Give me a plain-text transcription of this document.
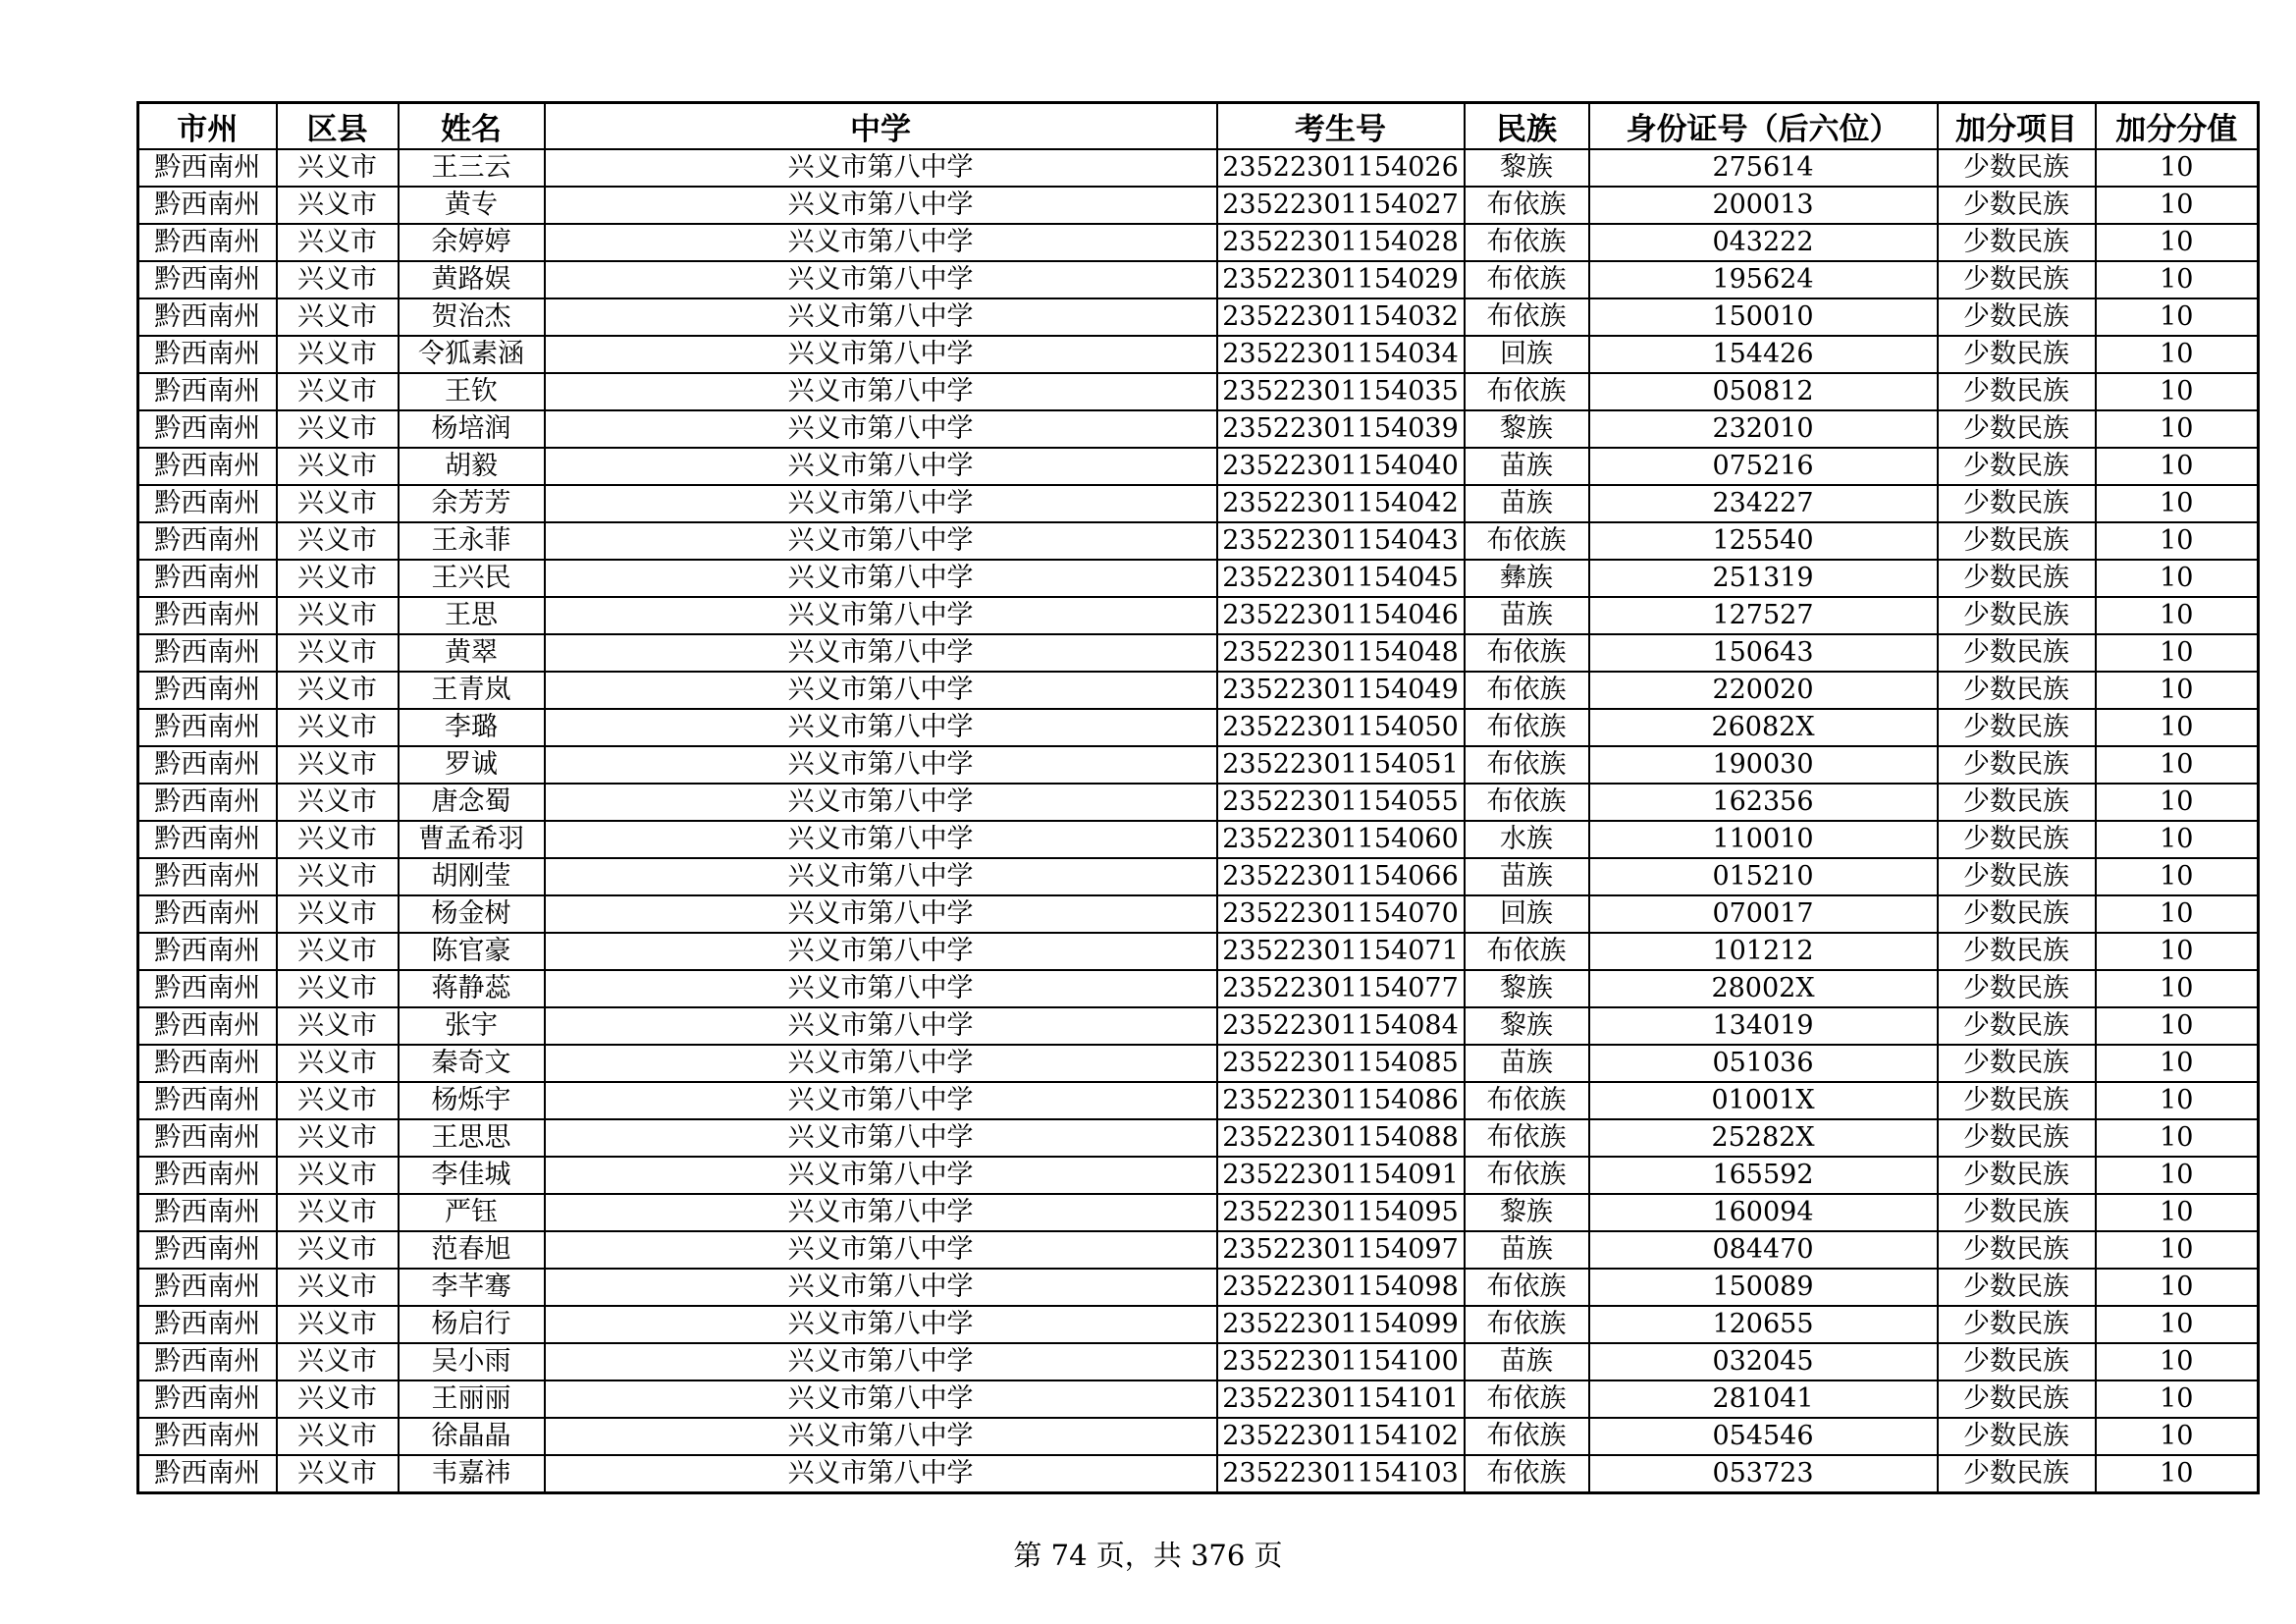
市州	区县	姓名	中学	考生号	民族	身份证号（后六位）	加分项目	加分分值
黔西南州	兴义市	王三云	兴义市第八中学	23522301154026	黎族	275614	少数民族	10
黔西南州	兴义市	黄专	兴义市第八中学	23522301154027	布依族	200013	少数民族	10
黔西南州	兴义市	余婷婷	兴义市第八中学	23522301154028	布依族	043222	少数民族	10
黔西南州	兴义市	黄路娱	兴义市第八中学	23522301154029	布依族	195624	少数民族	10
黔西南州	兴义市	贺治杰	兴义市第八中学	23522301154032	布依族	150010	少数民族	10
黔西南州	兴义市	令狐素涵	兴义市第八中学	23522301154034	回族	154426	少数民族	10
黔西南州	兴义市	王钦	兴义市第八中学	23522301154035	布依族	050812	少数民族	10
黔西南州	兴义市	杨培润	兴义市第八中学	23522301154039	黎族	232010	少数民族	10
黔西南州	兴义市	胡毅	兴义市第八中学	23522301154040	苗族	075216	少数民族	10
黔西南州	兴义市	余芳芳	兴义市第八中学	23522301154042	苗族	234227	少数民族	10
黔西南州	兴义市	王永菲	兴义市第八中学	23522301154043	布依族	125540	少数民族	10
黔西南州	兴义市	王兴民	兴义市第八中学	23522301154045	彝族	251319	少数民族	10
黔西南州	兴义市	王思	兴义市第八中学	23522301154046	苗族	127527	少数民族	10
黔西南州	兴义市	黄翠	兴义市第八中学	23522301154048	布依族	150643	少数民族	10
黔西南州	兴义市	王青岚	兴义市第八中学	23522301154049	布依族	220020	少数民族	10
黔西南州	兴义市	李璐	兴义市第八中学	23522301154050	布依族	26082X	少数民族	10
黔西南州	兴义市	罗诚	兴义市第八中学	23522301154051	布依族	190030	少数民族	10
黔西南州	兴义市	唐念蜀	兴义市第八中学	23522301154055	布依族	162356	少数民族	10
黔西南州	兴义市	曹孟希羽	兴义市第八中学	23522301154060	水族	110010	少数民族	10
黔西南州	兴义市	胡刚莹	兴义市第八中学	23522301154066	苗族	015210	少数民族	10
黔西南州	兴义市	杨金树	兴义市第八中学	23522301154070	回族	070017	少数民族	10
黔西南州	兴义市	陈官豪	兴义市第八中学	23522301154071	布依族	101212	少数民族	10
黔西南州	兴义市	蒋静蕊	兴义市第八中学	23522301154077	黎族	28002X	少数民族	10
黔西南州	兴义市	张宇	兴义市第八中学	23522301154084	黎族	134019	少数民族	10
黔西南州	兴义市	秦奇文	兴义市第八中学	23522301154085	苗族	051036	少数民族	10
黔西南州	兴义市	杨烁宇	兴义市第八中学	23522301154086	布依族	01001X	少数民族	10
黔西南州	兴义市	王思思	兴义市第八中学	23522301154088	布依族	25282X	少数民族	10
黔西南州	兴义市	李佳城	兴义市第八中学	23522301154091	布依族	165592	少数民族	10
黔西南州	兴义市	严钰	兴义市第八中学	23522301154095	黎族	160094	少数民族	10
黔西南州	兴义市	范春旭	兴义市第八中学	23522301154097	苗族	084470	少数民族	10
黔西南州	兴义市	李芊骞	兴义市第八中学	23522301154098	布依族	150089	少数民族	10
黔西南州	兴义市	杨启行	兴义市第八中学	23522301154099	布依族	120655	少数民族	10
黔西南州	兴义市	吴小雨	兴义市第八中学	23522301154100	苗族	032045	少数民族	10
黔西南州	兴义市	王丽丽	兴义市第八中学	23522301154101	布依族	281041	少数民族	10
黔西南州	兴义市	徐晶晶	兴义市第八中学	23522301154102	布依族	054546	少数民族	10
黔西南州	兴义市	韦嘉祎	兴义市第八中学	23522301154103	布依族	053723	少数民族	10
第 74 页，共 376 页
